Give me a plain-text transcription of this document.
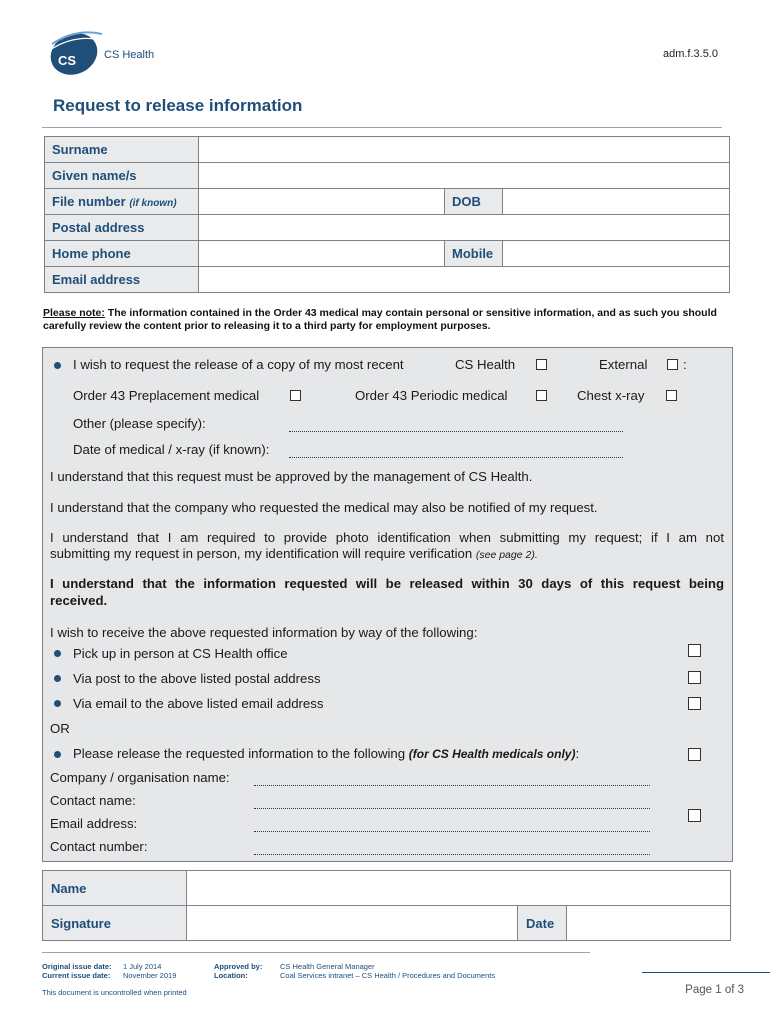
CS	CS Health	adm.f.3.5.0
Request to release information
Surname			
Given name/s			
File number (if known)		DOB	
Postal address			
Home phone		Mobile	
Email address			
Please note: The information contained in the Order 43 medical may contain personal or sensitive information, and as such you should carefully review the content prior to releasing it to a third party for employment purposes.
I wish to request the release of a copy of my most recent	CS Health	External	:
Order 43 Preplacement medical	Order 43 Periodic medical	Chest x-ray
Other (please specify):
Date of medical / x-ray (if known):
I understand that this request must be approved by the management of CS Health.
I understand that the company who requested the medical may also be notified of my request.
I understand that I am required to provide photo identification when submitting my request; if I am not
submitting my request in person, my identification will require verification (see page 2).
I understand that the information requested will be released within 30 days of this request being
received.
I wish to receive the above requested information by way of the following:
Pick up in person at CS Health office
Via post to the above listed postal address
Via email to the above listed email address
OR
Please release the requested information to the following (for CS Health medicals only):
Company / organisation name:
Contact name:
Email address:
Contact number:
Name			
Signature		Date	
Original issue date: 1 July 2014
Current issue date: November 2019
Approved by: CS Health General Manager
Location:	Coal Services intranet – CS Health / Procedures and Documents
This document is uncontrolled when printed	Page 1 of 3
